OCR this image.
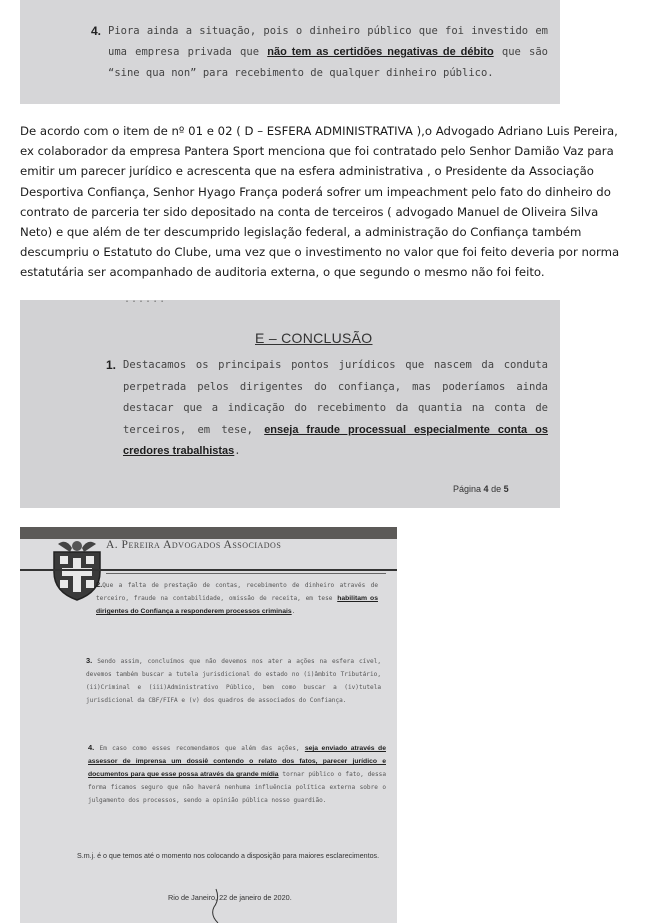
4. Piora ainda a situação, pois o dinheiro público que foi investido em uma empresa privada que não tem as certidões negativas de débito que são “sine qua non” para recebimento de qualquer dinheiro público.
De acordo com o item de nº 01 e 02 ( D – ESFERA ADMINISTRATIVA ),o Advogado Adriano Luis Pereira, ex colaborador da empresa Pantera Sport menciona que foi contratado pelo Senhor Damião Vaz para emitir um parecer jurídico e acrescenta que na esfera administrativa , o Presidente da Associação Desportiva Confiança, Senhor Hyago França poderá sofrer um impeachment pelo fato do dinheiro do contrato de parceria ter sido depositado na conta de terceiros ( advogado Manuel de Oliveira Silva Neto) e que além de ter descumprido legislação federal, a administração do Confiança também descumpriu o Estatuto do Clube, uma vez que o investimento no valor que foi feito deveria por norma estatutária ser acompanhado de auditoria externa, o que segundo o mesmo não foi feito.
......
E – CONCLUSÃO
1. Destacamos os principais pontos jurídicos que nascem da conduta perpetrada pelos dirigentes do confiança, mas poderíamos ainda destacar que a indicação do recebimento da quantia na conta de terceiros, em tese, enseja fraude processual especialmente conta os credores trabalhistas.
Página 4 de 5
A. Pereira Advogados Associados
2.Que a falta de prestação de contas, recebimento de dinheiro através de terceiro, fraude na contabilidade, omissão de receita, em tese habilitam os dirigentes do Confiança a responderem processos criminais.
3. Sendo assim, concluímos que não devemos nos ater a ações na esfera cível, devemos também buscar a tutela jurisdicional do estado no (i)âmbito Tributário, (ii)Criminal e (iii)Administrativo Público, bem como buscar a (iv)tutela jurisdicional da CBF/FIFA e (v) dos quadros de associados do Confiança.
4. Em caso como esses recomendamos que além das ações, seja enviado através de assessor de imprensa um dossiê contendo o relato dos fatos, parecer jurídico e documentos para que esse possa através da grande mídia tornar público o fato, dessa forma ficamos seguro que não haverá nenhuma influência política externa sobre o julgamento dos processos, sendo a opinião pública nosso guardião.
S.m.j. é o que temos até o momento nos colocando a disposição para maiores esclarecimentos.
Rio de Janeiro, 22 de janeiro de 2020.
